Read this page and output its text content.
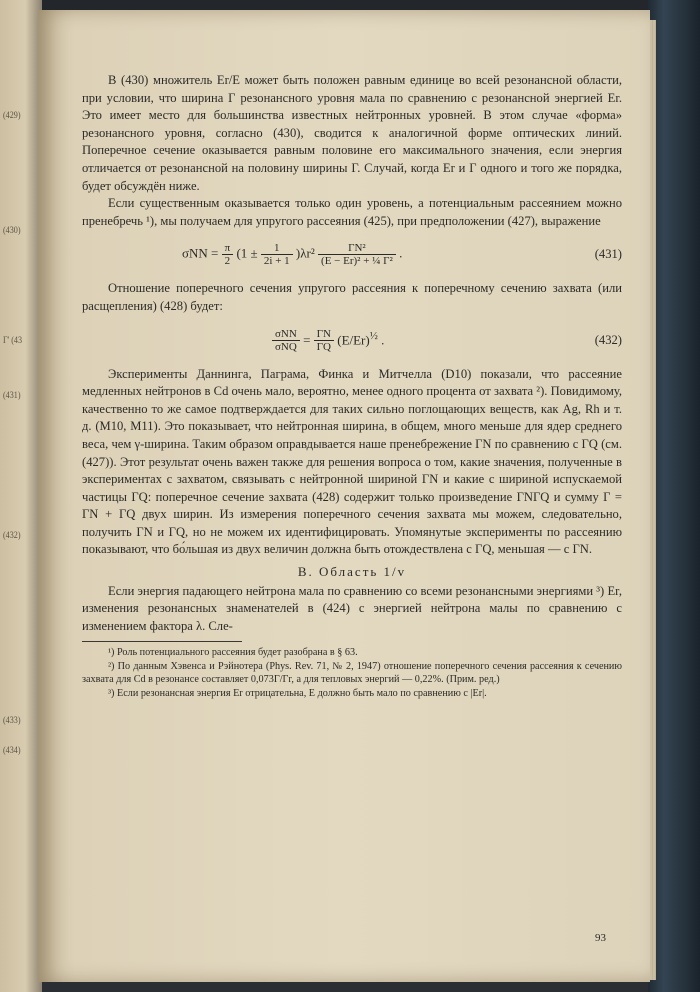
(429)
(430)
Γ' (43
(431)
(432)
(433)
(434)

В (430) множитель Er/E может быть положен равным единице во всей резонансной области, при условии, что ширина Г резонансного уровня мала по сравнению с резонансной энергией Er. Это имеет место для большинства известных нейтронных уровней. В этом случае «форма» резонансного уровня, согласно (430), сводится к аналогичной форме оптических линий. Поперечное сечение оказывается равным половине его максимального значения, если энергия отличается от резонансной на половину ширины Г. Случай, когда Er и Г одного и того же порядка, будет обсуждён ниже.

Если существенным оказывается только один уровень, а потенциальным рассеянием можно пренебречь ¹), мы получаем для упругого рассеяния (425), при предположении (427), выражение

$\sigma NN = \frac{\pi}{2} (1 \pm \frac{1}{2i + 1} )\lambda r^2 \frac{\text{ΓN²}}{\text{(E − Er)² + ¼ Γ²}}$ .	(431)

Отношение поперечного сечения упругого рассеяния к поперечному сечению захвата (или расщепления) (428) будет:

$\frac{\text{σNN}}{\text{σNQ}} = \frac{\Gamma N}{\Gamma Q} (E/Er)^{\frac{1}{2}}$ .	(432)

Эксперименты Даннинга, Паграма, Финка и Митчелла (D10) показали, что рассеяние медленных нейтронов в Cd очень мало, вероятно, менее одного процента от захвата ²). Повидимому, качественно то же самое подтверждается для таких сильно поглощающих веществ, как Ag, Rh и т. д. (M10, M11). Это показывает, что нейтронная ширина, в общем, много меньше для ядер среднего веса, чем γ-ширина. Таким образом оправдывается наше пренебрежение ΓN по сравнению с ΓQ (см. (427)). Этот результат очень важен также для решения вопроса о том, какие значения, полученные в экспериментах с захватом, связывать с нейтронной шириной ΓN и какие с шириной испускаемой частицы ΓQ: поперечное сечение захвата (428) содержит только произведение ΓNΓQ и сумму Γ = ΓN + ΓQ двух ширин. Из измерения поперечного сечения захвата мы можем, следовательно, получить ΓN и ΓQ, но не можем их идентифицировать. Упомянутые эксперименты по рассеянию показывают, что бо́льшая из двух величин должна быть отождествлена с ΓQ, меньшая — с ΓN.

В. Область 1/v

Если энергия падающего нейтрона мала по сравнению со всеми резонансными энергиями ³) Er, изменения резонансных знаменателей в (424) с энергией нейтрона малы по сравнению с изменением фактора λ. Сле-

¹) Роль потенциального рассеяния будет разобрана в § 63.

²) По данным Хэвенса и Рэйнотера (Phys. Rev. 71, № 2, 1947) отношение поперечного сечения рассеяния к сечению захвата для Cd в резонансе составляет 0,073Γ/Γr, а для тепловых энергий — 0,22%. (Прим. ред.)

³) Если резонансная энергия Er отрицательна, E должно быть мало по сравнению с |Er|.

93
